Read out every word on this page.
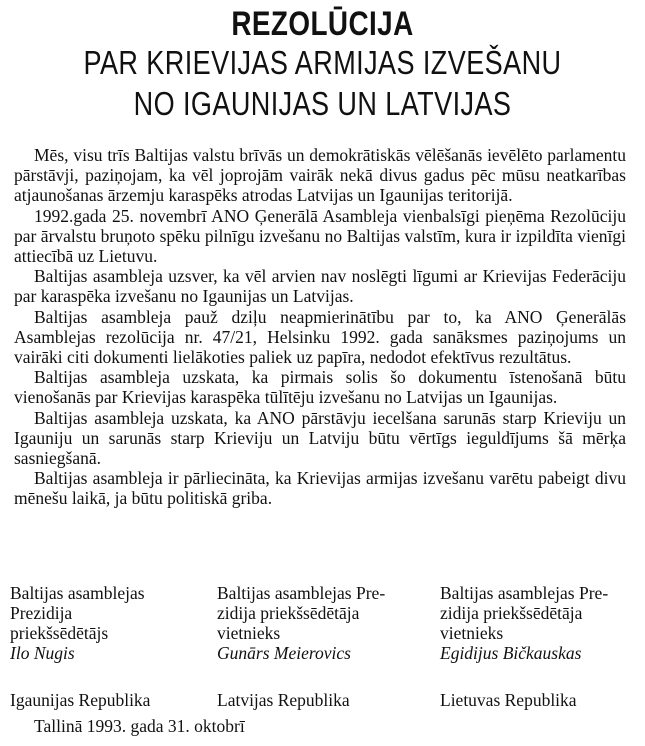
REZOLŪCIJA
PAR KRIEVIJAS ARMIJAS IZVEŠANU
NO IGAUNIJAS UN LATVIJAS

Mēs, visu trīs Baltijas valstu brīvās un demokrātiskās vēlēšanās ievēlēto parlamentu pārstāvji, paziņojam, ka vēl joprojām vairāk nekā divus gadus pēc mūsu neatkarības atjaunošanas ārzemju karaspēks atrodas Latvijas un Igaunijas teritorijā.

1992.gada 25. novembrī ANO Ģenerālā Asambleja vienbalsīgi pieņēma Rezolūciju par ārvalstu bruņoto spēku pilnīgu izvešanu no Baltijas valstīm, kura ir izpildīta vienīgi attiecībā uz Lietuvu.

Baltijas asambleja uzsver, ka vēl arvien nav noslēgti līgumi ar Krievijas Federāciju par karaspēka izvešanu no Igaunijas un Latvijas.

Baltijas asambleja pauž dziļu neapmierinātību par to, ka ANO Ģenerālās Asamblejas rezolūcija nr. 47/21, Helsinku 1992. gada sanāksmes paziņojums un vairāki citi dokumenti lielākoties paliek uz papīra, nedodot efektīvus rezultātus.

Baltijas asambleja uzskata, ka pirmais solis šo dokumentu īstenošanā būtu vienošanās par Krievijas karaspēka tūlītēju izvešanu no Latvijas un Igaunijas.

Baltijas asambleja uzskata, ka ANO pārstāvju iecelšana sarunās starp Krieviju un Igauniju un sarunās starp Krieviju un Latviju būtu vērtīgs ieguldījums šā mērķa sasniegšanā.

Baltijas asambleja ir pārliecināta, ka Krievijas armijas izvešanu varētu pabeigt divu mēnešu laikā, ja būtu politiskā griba.

Baltijas asamblejas
Prezidija
priekšsēdētājs
Ilo Nugis
Baltijas asamblejas Pre-
zidija priekšsēdētāja
vietnieks
Gunārs Meierovics
Baltijas asamblejas Pre-
zidija priekšsēdētāja
vietnieks
Egidijus Bičkauskas
Igaunijas Republika	Latvijas Republika	Lietuvas Republika
Tallinā 1993. gada 31. oktobrī
